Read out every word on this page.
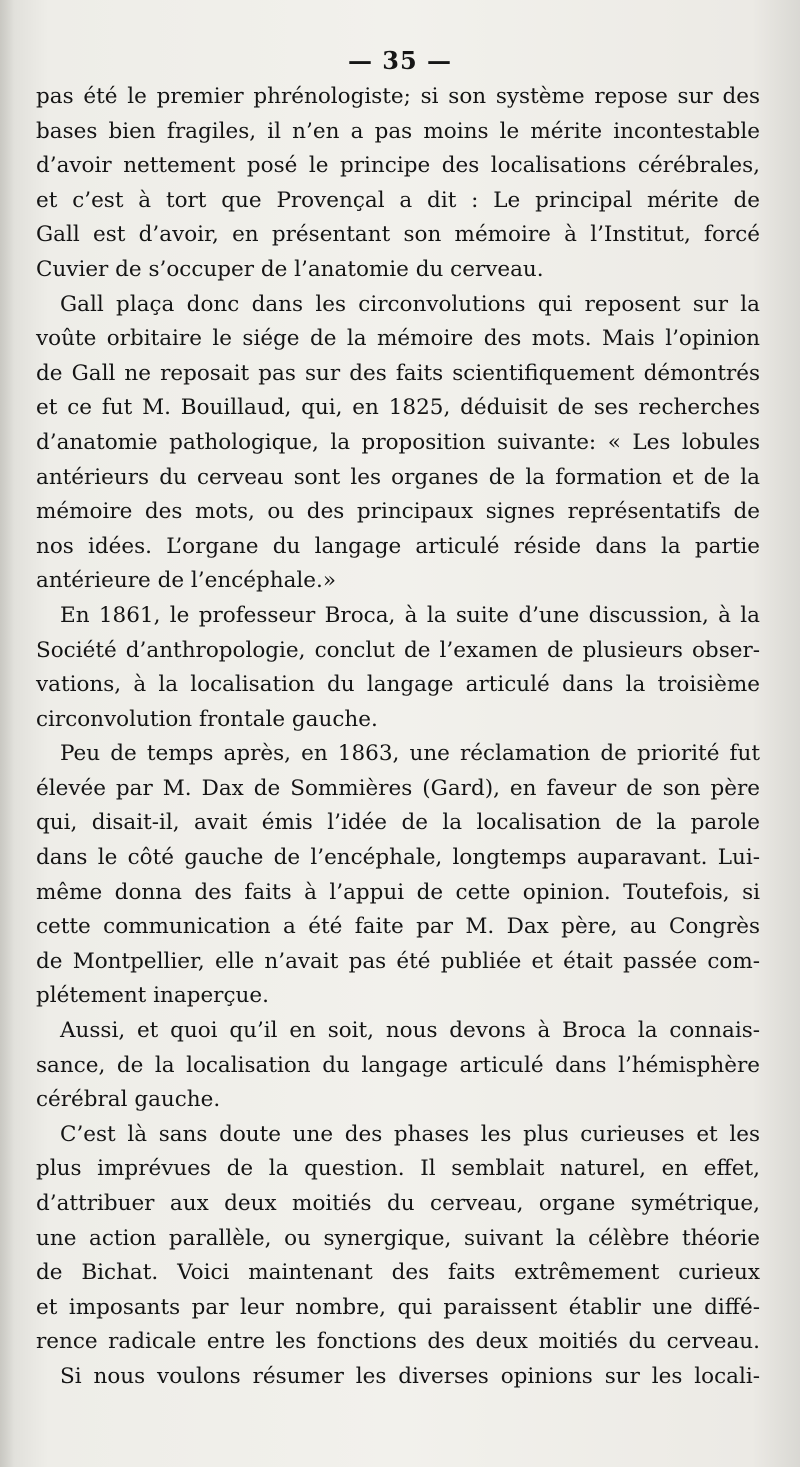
— 35 —
pas été le premier phrénologiste; si son système repose sur des
bases bien fragiles, il n’en a pas moins le mérite incontestable
d’avoir nettement posé le principe des localisations cérébrales,
et c’est à tort que Provençal a dit : Le principal mérite de
Gall est d’avoir, en présentant son mémoire à l’Institut, forcé
Cuvier de s’occuper de l’anatomie du cerveau.
Gall plaça donc dans les circonvolutions qui reposent sur la
voûte orbitaire le siége de la mémoire des mots. Mais l’opinion
de Gall ne reposait pas sur des faits scientifiquement démontrés
et ce fut M. Bouillaud, qui, en 1825, déduisit de ses recherches
d’anatomie pathologique, la proposition suivante: « Les lobules
antérieurs du cerveau sont les organes de la formation et de la
mémoire des mots, ou des principaux signes représentatifs de
nos idées. L’organe du langage articulé réside dans la partie
antérieure de l’encéphale.»
En 1861, le professeur Broca, à la suite d’une discussion, à la
Société d’anthropologie, conclut de l’examen de plusieurs obser-
vations, à la localisation du langage articulé dans la troisième
circonvolution frontale gauche.
Peu de temps après, en 1863, une réclamation de priorité fut
élevée par M. Dax de Sommières (Gard), en faveur de son père
qui, disait-il, avait émis l’idée de la localisation de la parole
dans le côté gauche de l’encéphale, longtemps auparavant. Lui-
même donna des faits à l’appui de cette opinion. Toutefois, si
cette communication a été faite par M. Dax père, au Congrès
de Montpellier, elle n’avait pas été publiée et était passée com-
plétement inaperçue.
Aussi, et quoi qu’il en soit, nous devons à Broca la connais-
sance, de la localisation du langage articulé dans l’hémisphère
cérébral gauche.
C’est là sans doute une des phases les plus curieuses et les
plus imprévues de la question. Il semblait naturel, en effet,
d’attribuer aux deux moitiés du cerveau, organe symétrique,
une action parallèle, ou synergique, suivant la célèbre théorie
de Bichat. Voici maintenant des faits extrêmement curieux
et imposants par leur nombre, qui paraissent établir une diffé-
rence radicale entre les fonctions des deux moitiés du cerveau.
Si nous voulons résumer les diverses opinions sur les locali-
